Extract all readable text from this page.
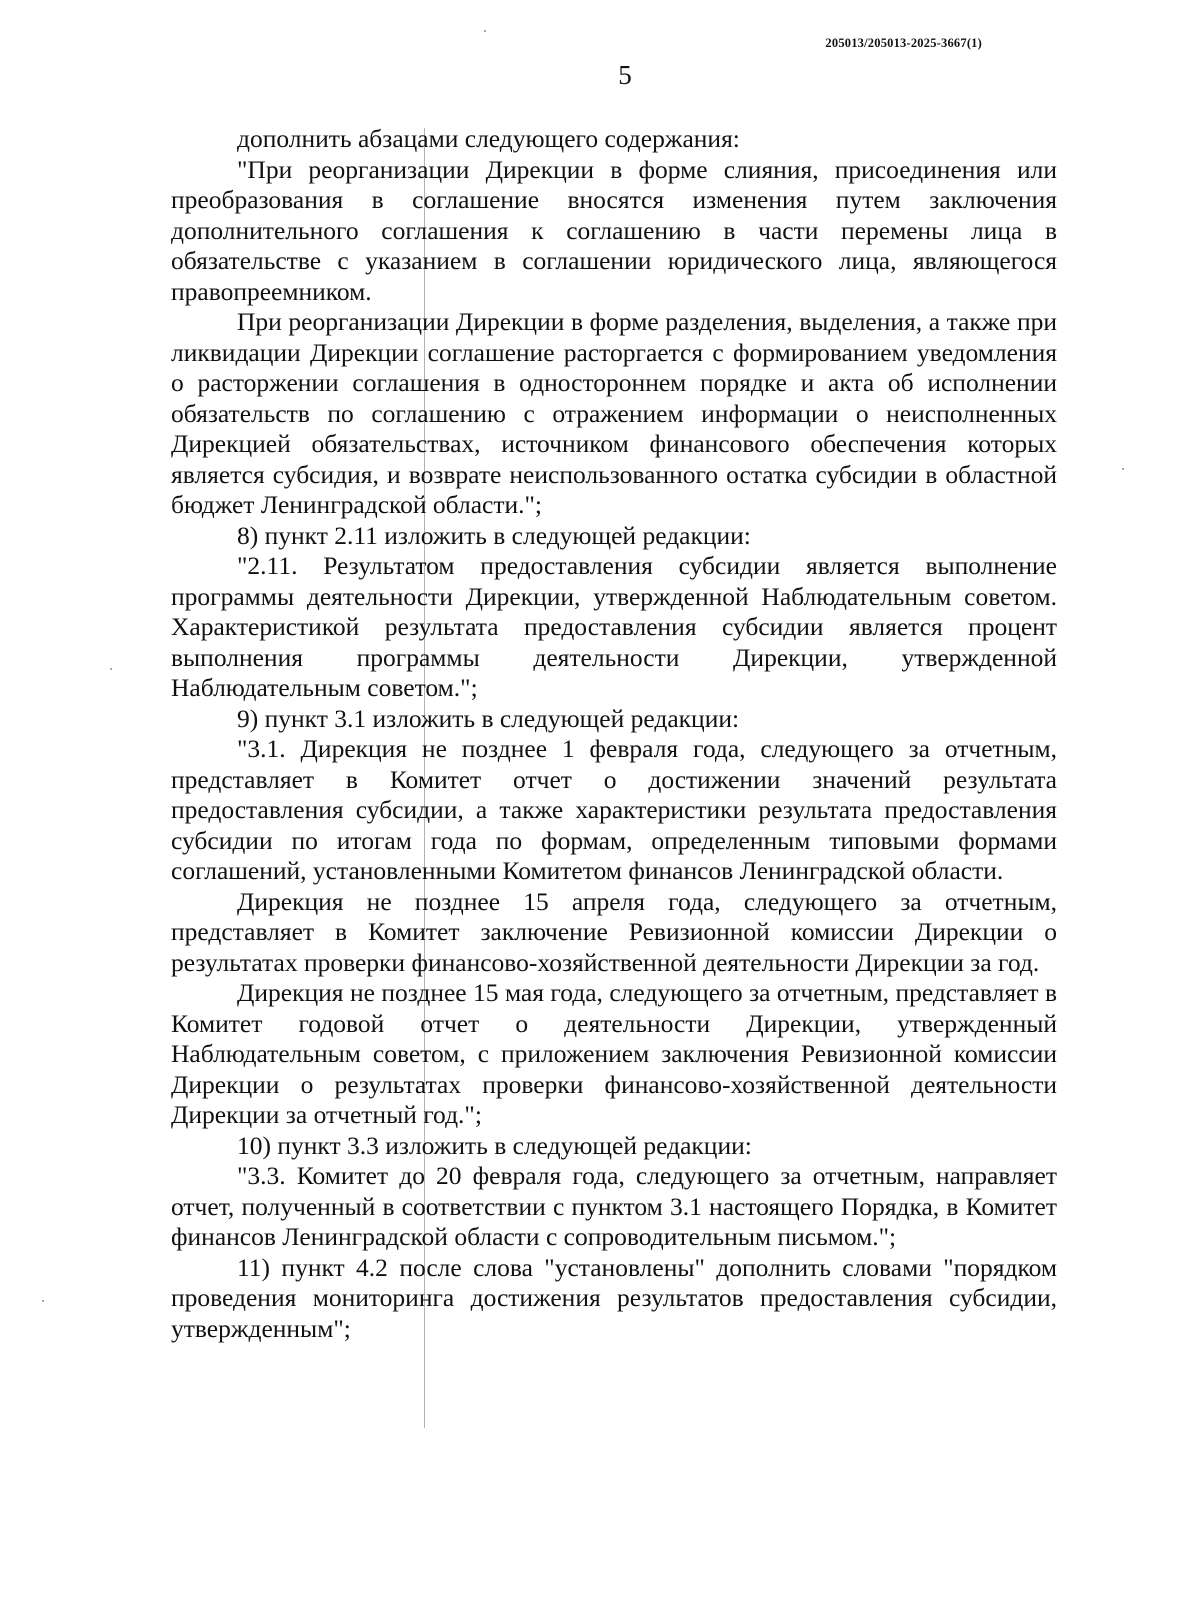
205013/205013-2025-3667(1)
5

дополнить абзацами следующего содержания:

"При реорганизации Дирекции в форме слияния, присоединения или преобразования в соглашение вносятся изменения путем заключения дополнительного соглашения к соглашению в части перемены лица в обязательстве с указанием в соглашении юридического лица, являющегося правопреемником.

При реорганизации Дирекции в форме разделения, выделения, а также при ликвидации Дирекции соглашение расторгается с формированием уведомления о расторжении соглашения в одностороннем порядке и акта об исполнении обязательств по соглашению с отражением информации о неисполненных Дирекцией обязательствах, источником финансового обеспечения которых является субсидия, и возврате неиспользованного остатка субсидии в областной бюджет Ленинградской области.";

8) пункт 2.11 изложить в следующей редакции:

"2.11. Результатом предоставления субсидии является выполнение программы деятельности Дирекции, утвержденной Наблюдательным советом. Характеристикой результата предоставления субсидии является процент выполнения программы деятельности Дирекции, утвержденной Наблюдательным советом.";

9) пункт 3.1 изложить в следующей редакции:

"3.1. Дирекция не позднее 1 февраля года, следующего за отчетным, представляет в Комитет отчет о достижении значений результата предоставления субсидии, а также характеристики результата предоставления субсидии по итогам года по формам, определенным типовыми формами соглашений, установленными Комитетом финансов Ленинградской области.

Дирекция не позднее 15 апреля года, следующего за отчетным, представляет в Комитет заключение Ревизионной комиссии Дирекции о результатах проверки финансово-хозяйственной деятельности Дирекции за год.

Дирекция не позднее 15 мая года, следующего за отчетным, представляет в Комитет годовой отчет о деятельности Дирекции, утвержденный Наблюдательным советом, с приложением заключения Ревизионной комиссии Дирекции о результатах проверки финансово-хозяйственной деятельности Дирекции за отчетный год.";

10) пункт 3.3 изложить в следующей редакции:

"3.3. Комитет до 20 февраля года, следующего за отчетным, направляет отчет, полученный в соответствии с пунктом 3.1 настоящего Порядка, в Комитет финансов Ленинградской области с сопроводительным письмом.";

11) пункт 4.2 после слова "установлены" дополнить словами "порядком проведения мониторинга достижения результатов предоставления субсидии, утвержденным";
